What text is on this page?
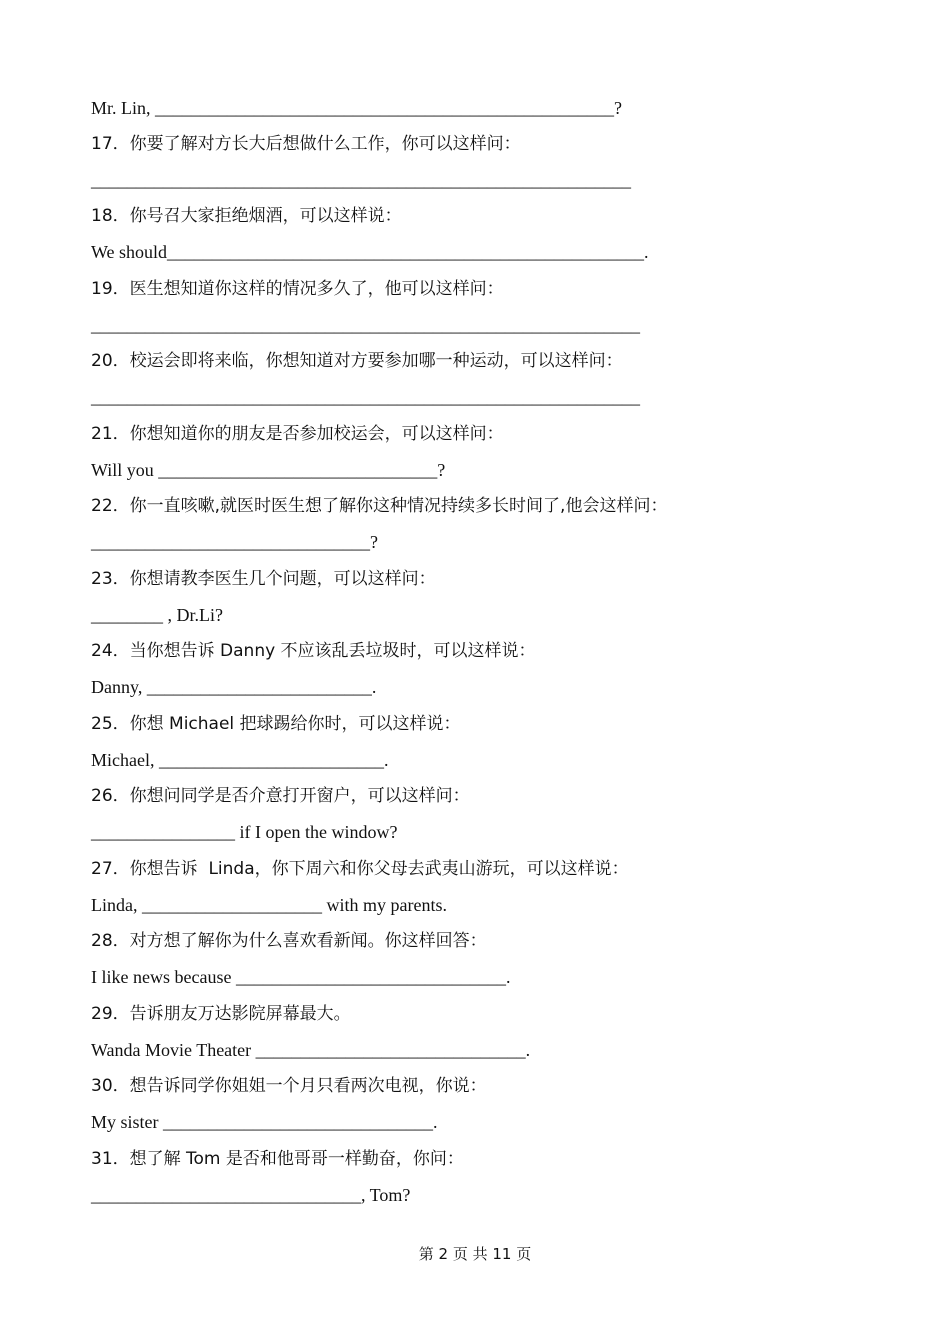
Mr. Lin, ___________________________________________________?
17．你要了解对方长大后想做什么工作，你可以这样问：
____________________________________________________________
18．你号召大家拒绝烟酒，可以这样说：
We should_____________________________________________________.
19．医生想知道你这样的情况多久了，他可以这样问：
_____________________________________________________________
20．校运会即将来临，你想知道对方要参加哪一种运动，可以这样问：
_____________________________________________________________
21．你想知道你的朋友是否参加校运会，可以这样问：
Will you _______________________________?
22．你一直咳嗽,就医时医生想了解你这种情况持续多长时间了,他会这样问：
_______________________________?
23．你想请教李医生几个问题，可以这样问：
________ , Dr.Li?
24．当你想告诉 Danny 不应该乱丢垃圾时，可以这样说：
Danny, _________________________.
25．你想 Michael 把球踢给你时，可以这样说：
Michael, _________________________.
26．你想问同学是否介意打开窗户，可以这样问：
________________ if I open the window?
27．你想告诉  Linda，你下周六和你父母去武夷山游玩，可以这样说：
Linda, ____________________ with my parents.
28．对方想了解你为什么喜欢看新闻。你这样回答：
I like news because ______________________________.
29．告诉朋友万达影院屏幕最大。
Wanda Movie Theater ______________________________.
30．想告诉同学你姐姐一个月只看两次电视，你说：
My sister ______________________________.
31．想了解 Tom 是否和他哥哥一样勤奋，你问：
______________________________, Tom?
第 2 页 共 11 页
